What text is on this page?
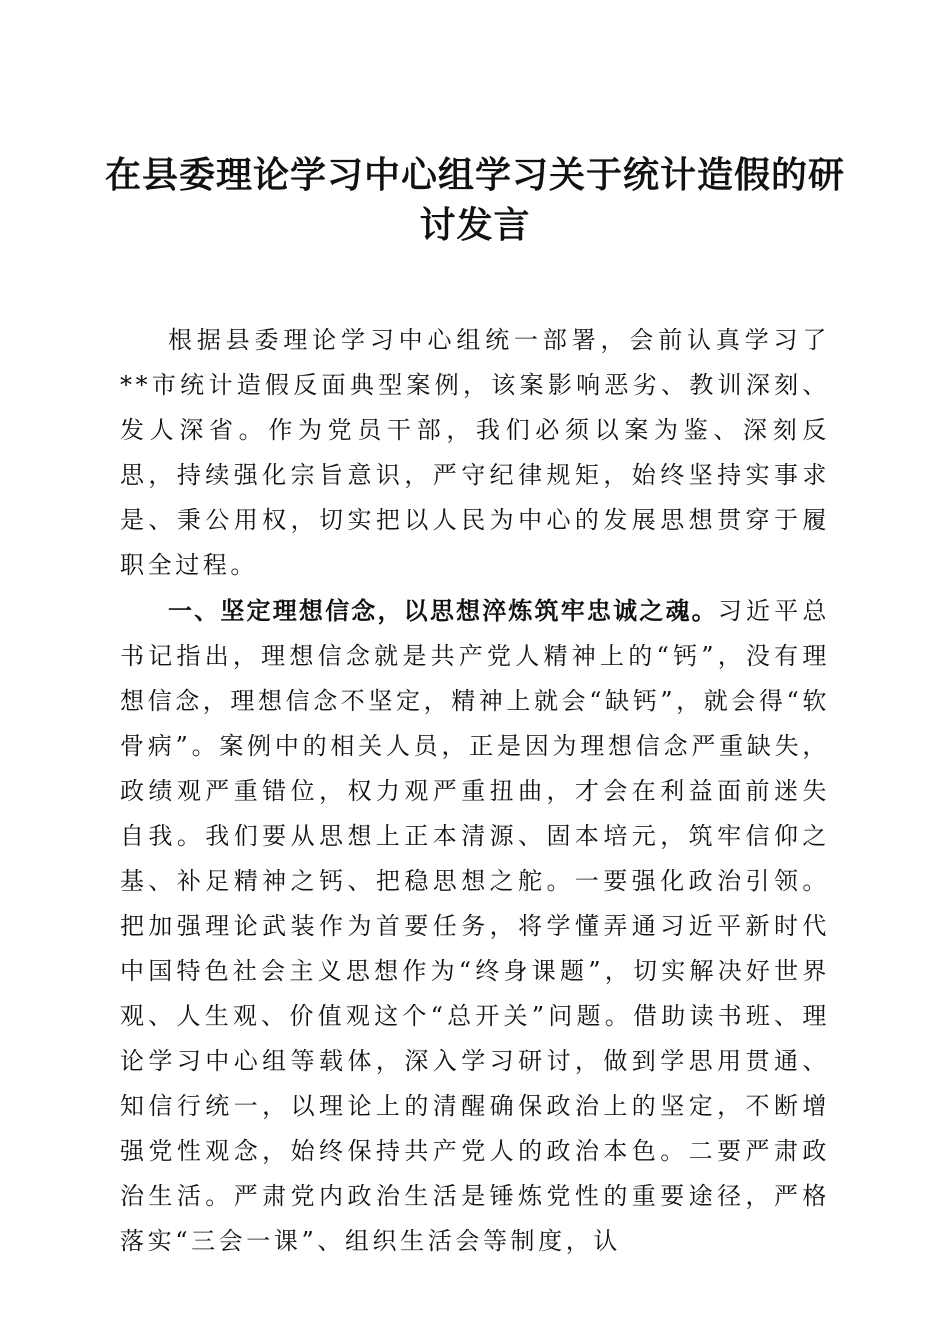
在县委理论学习中心组学习关于统计造假的研讨发言

根据县委理论学习中心组统一部署，会前认真学习了**市统计造假反面典型案例，该案影响恶劣、教训深刻、发人深省。作为党员干部，我们必须以案为鉴、深刻反思，持续强化宗旨意识，严守纪律规矩，始终坚持实事求是、秉公用权，切实把以人民为中心的发展思想贯穿于履职全过程。

一、坚定理想信念，以思想淬炼筑牢忠诚之魂。习近平总书记指出，理想信念就是共产党人精神上的“钙”，没有理想信念，理想信念不坚定，精神上就会“缺钙”，就会得“软骨病”。案例中的相关人员，正是因为理想信念严重缺失，政绩观严重错位，权力观严重扭曲，才会在利益面前迷失自我。我们要从思想上正本清源、固本培元，筑牢信仰之基、补足精神之钙、把稳思想之舵。一要强化政治引领。把加强理论武装作为首要任务，将学懂弄通习近平新时代中国特色社会主义思想作为“终身课题”，切实解决好世界观、人生观、价值观这个“总开关”问题。借助读书班、理论学习中心组等载体，深入学习研讨，做到学思用贯通、知信行统一，以理论上的清醒确保政治上的坚定，不断增强党性观念，始终保持共产党人的政治本色。二要严肃政治生活。严肃党内政治生活是锤炼党性的重要途径，严格落实“三会一课”、组织生活会等制度，认
